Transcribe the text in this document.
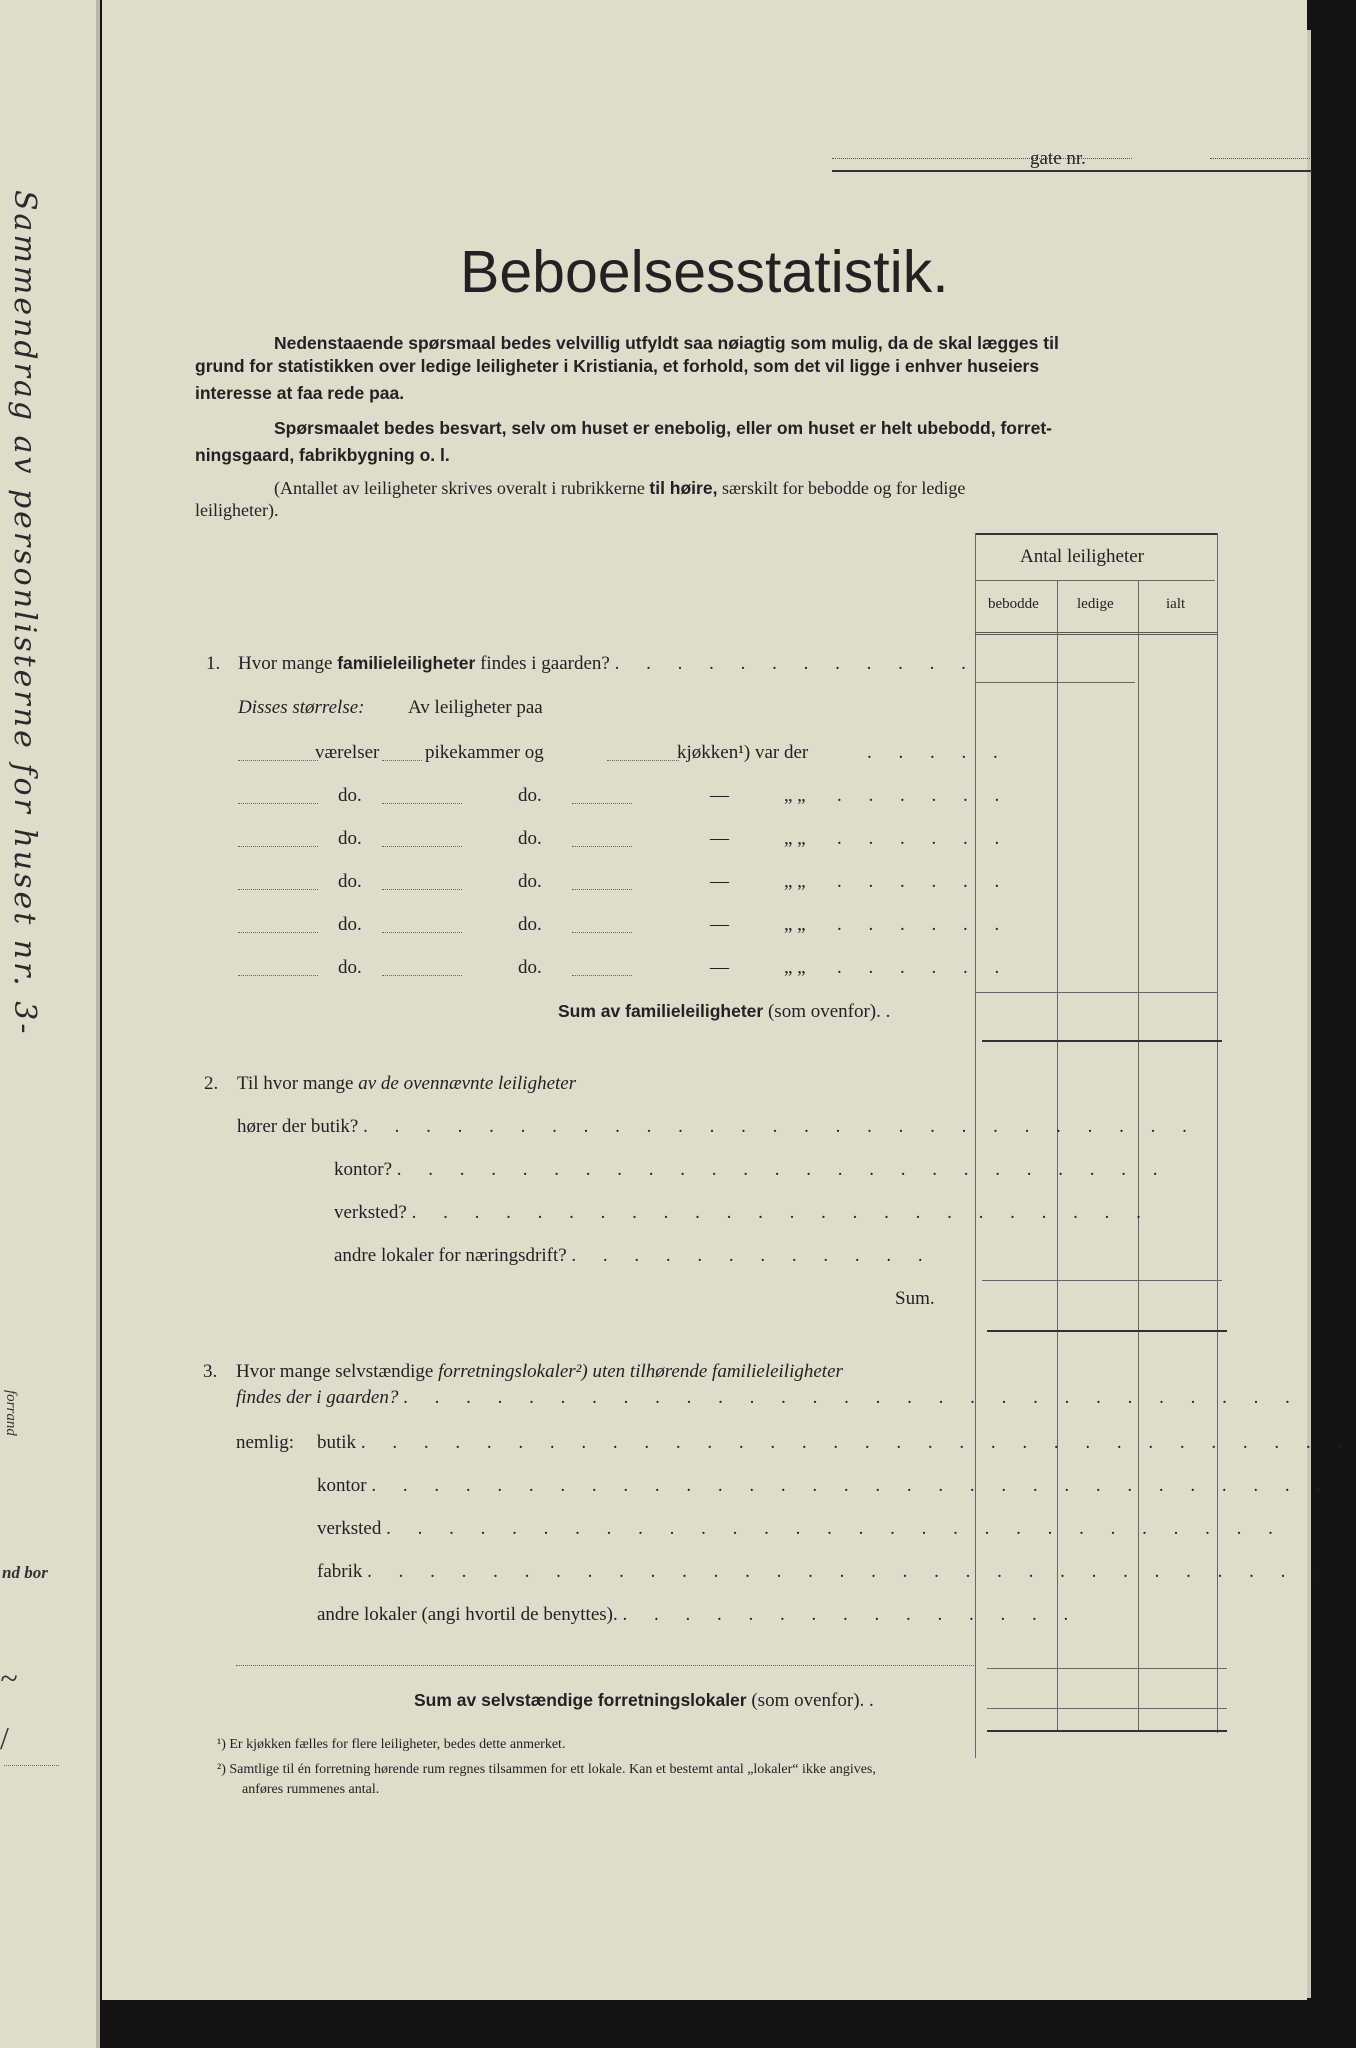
Sammendrag av personlisterne for huset nr. 3-
forrand
nd bor
~
/
gate nr.
Beboelsesstatistik.
Nedenstaaende spørsmaal bedes velvillig utfyldt saa nøiagtig som mulig, da de skal lægges til
grund for statistikken over ledige leiligheter i Kristiania, et forhold, som det vil ligge i enhver huseiers
interesse at faa rede paa.
Spørsmaalet bedes besvart, selv om huset er enebolig, eller om huset er helt ubebodd, forret-
ningsgaard, fabrikbygning o. l.
(Antallet av leiligheter skrives overalt i rubrikkerne til høire, særskilt for bebodde og for ledige
leiligheter).
Antal leiligheter
bebodde	ledige	ialt
1. Hvor mange familieleiligheter findes i gaarden? . . . . . . . . . . . .
Disses størrelse: Av leiligheter paa
værelser pikekammer og	kjøkken¹) var der	. . . . .
do.	do.	—	„ „ . . . . . .
do.	do.	—	„ „ . . . . . .
do.	do.	—	„ „ . . . . . .
do.	do.	—	„ „ . . . . . .
do.	do.	—	„ „ . . . . . .
Sum av familieleiligheter (som ovenfor). .
2. Til hvor mange av de ovennævnte leiligheter
hører der butik? . . . . . . . . . . . . . . . . . . . . . . . . . . .
kontor? . . . . . . . . . . . . . . . . . . . . . . . . .
verksted? . . . . . . . . . . . . . . . . . . . . . . . .
andre lokaler for næringsdrift? . . . . . . . . . . . .
Sum.
3. Hvor mange selvstændige forretningslokaler²) uten tilhørende familieleiligheter
findes der i gaarden? . . . . . . . . . . . . . . . . . . . . . . . . . . . . .
nemlig: butik . . . . . . . . . . . . . . . . . . . . . . . . . . . . . . . .
kontor . . . . . . . . . . . . . . . . . . . . . . . . . . . . . . .
verksted . . . . . . . . . . . . . . . . . . . . . . . . . . . . .
fabrik . . . . . . . . . . . . . . . . . . . . . . . . . . . . . . .
andre lokaler (angi hvortil de benyttes). . . . . . . . . . . . . . . .
Sum av selvstændige forretningslokaler (som ovenfor). .
¹) Er kjøkken fælles for flere leiligheter, bedes dette anmerket.
²) Samtlige til én forretning hørende rum regnes tilsammen for ett lokale. Kan et bestemt antal „lokaler“ ikke angives,
anføres rummenes antal.
